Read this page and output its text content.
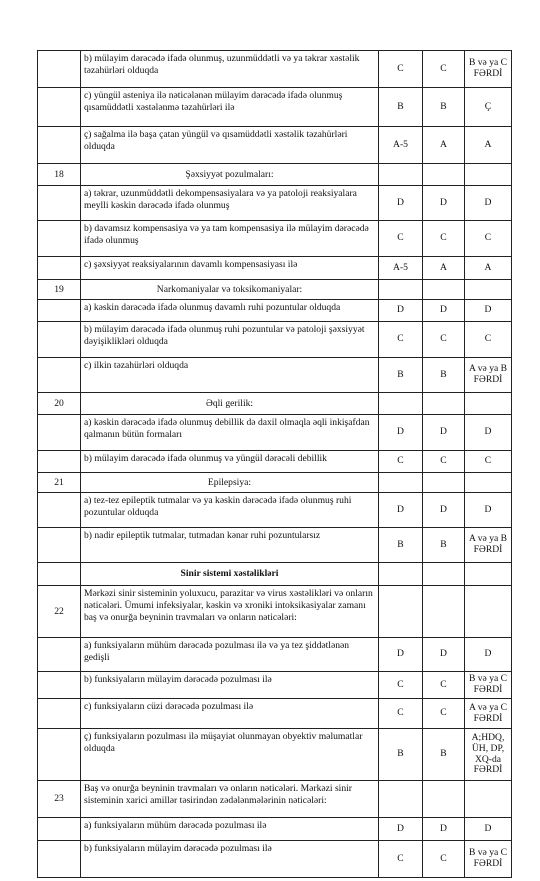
	b) mülayim dərəcədə ifadə olunmuş, uzunmüddətli və ya təkrar xəstəlik təzahürləri olduqda	C	C	B və ya C FƏRDİ

	c) yüngül asteniya ilə nəticələnən mülayim dərəcədə ifadə olunmuş qısamüddətli xəstələnmə təzahürləri ilə	B	B	Ç

	ç) sağalma ilə başa çatan yüngül və qısamüddətli xəstəlik təzahürləri olduqda	A-5	A	A

18	Şəxsiyyət pozulmaları:	

	a) təkrar, uzunmüddətli dekompensasiyalara və ya patoloji reaksiyalara meylli kəskin dərəcədə ifadə olunmuş	D	D	D

	b) davamsız kompensasiya və ya tam kompensasiya ilə mülayim dərəcədə ifadə olunmuş	C	C	C

	c) şəxsiyyət reaksiyalarının davamlı kompensasiyası ilə	A-5	A	A

19	Narkomaniyalar və toksikomaniyalar:	

	a) kəskin dərəcədə ifadə olunmuş davamlı ruhi pozuntular olduqda	D	D	D

	b) mülayim dərəcədə ifadə olunmuş ruhi pozuntular və patoloji şəxsiyyət dəyişiklikləri olduqda	C	C	C

	c) ilkin təzahürləri olduqda	B	B	A və ya B FƏRDİ

20	Əqli gerilik:	

	a) kəskin dərəcədə ifadə olunmuş debillik də daxil olmaqla əqli inkişafdan qalmanın bütün formaları	D	D	D

	b) mülayim dərəcədə ifadə olunmuş və yüngül dərəcəli debillik	C	C	C

21	Epilepsiya:	

	a) tez-tez epileptik tutmalar və ya kəskin dərəcədə ifadə olunmuş ruhi pozuntular olduqda	D	D	D

	b) nadir epileptik tutmalar, tutmadan kənar ruhi pozuntularsız	B	B	A və ya B FƏRDİ

	Sinir sistemi xəstəlikləri	

22	Mərkəzi sinir sisteminin yoluxucu, parazitar və virus xəstəlikləri və onların nəticələri. Ümumi infeksiyalar, kəskin və xroniki intoksikasiyalar zamanı baş və onurğa beyninin travmaları və onların nəticələri:	

	a) funksiyaların mühüm dərəcədə pozulması ilə və ya tez şiddətlənən gedişli	D	D	D

	b) funksiyaların mülayim dərəcədə pozulması ilə	C	C	B və ya C FƏRDİ

	c) funksiyaların cüzi dərəcədə pozulması ilə	C	C	A və ya C FƏRDİ

	ç) funksiyaların pozulması ilə müşayiət olunmayan obyektiv məlumatlar olduqda	B	B	A;HDQ, ÜH, DP, XQ-da FƏRDİ

23	Baş və onurğa beyninin travmaları və onların nəticələri. Mərkəzi sinir sisteminin xarici amillər təsirindən zədələnmələrinin nəticələri:	

	a) funksiyaların mühüm dərəcədə pozulması ilə	D	D	D

	b) funksiyaların mülayim dərəcədə pozulması ilə	C	C	B və ya C FƏRDİ
